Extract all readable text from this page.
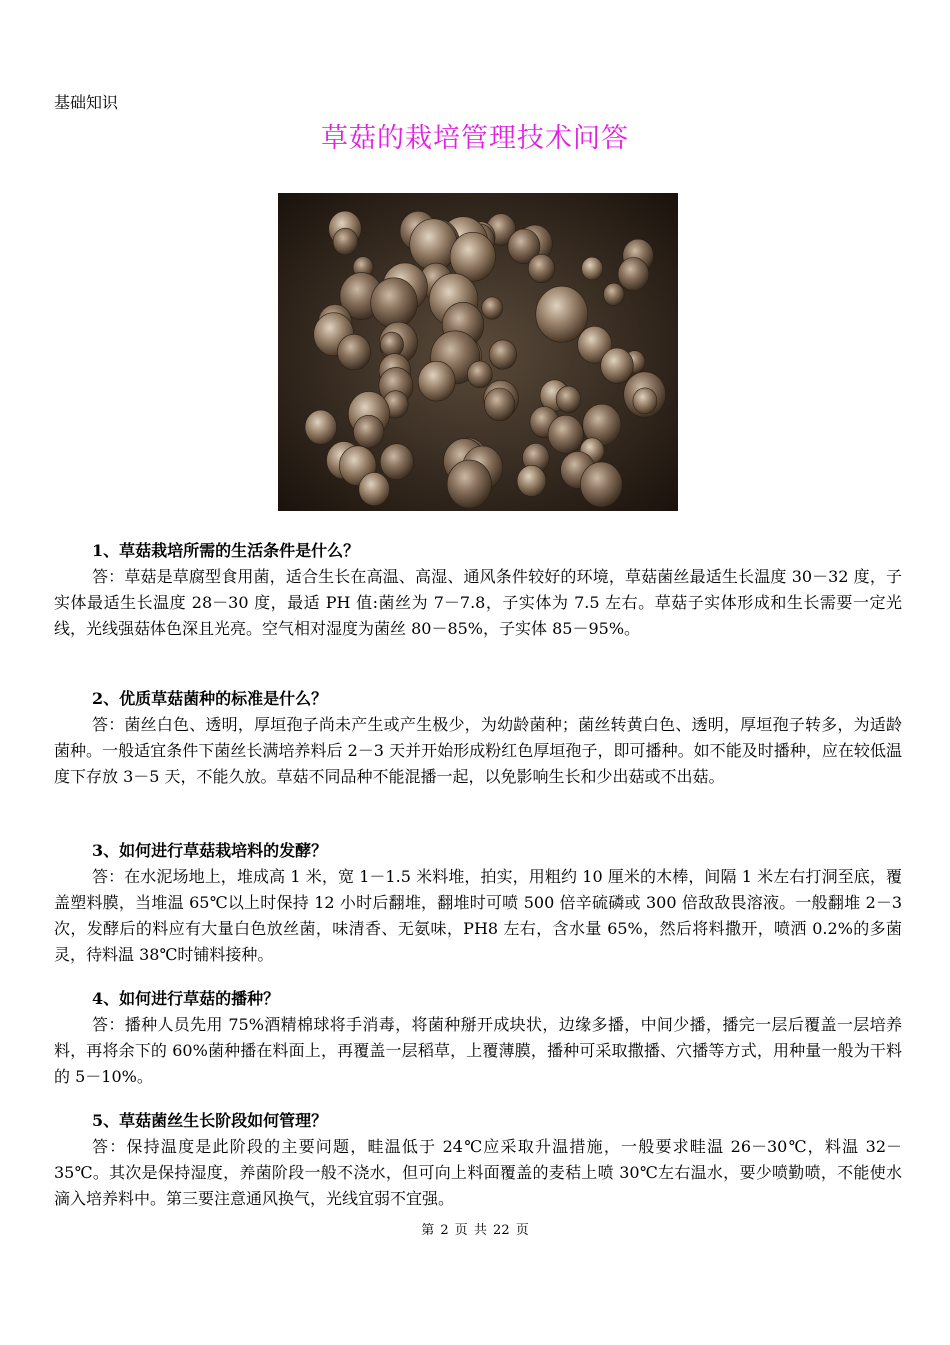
基础知识
草菇的栽培管理技术问答

1、草菇栽培所需的生活条件是什么？

答：草菇是草腐型食用菌，适合生长在高温、高湿、通风条件较好的环境，草菇菌丝最适生长温度 30－32 度，子实体最适生长温度 28－30 度，最适 PH 值:菌丝为 7－7.8，子实体为 7.5 左右。草菇子实体形成和生长需要一定光线，光线强菇体色深且光亮。空气相对湿度为菌丝 80－85%，子实体 85－95%。

2、优质草菇菌种的标准是什么？

答：菌丝白色、透明，厚垣孢子尚未产生或产生极少，为幼龄菌种；菌丝转黄白色、透明，厚垣孢子转多，为适龄菌种。一般适宜条件下菌丝长满培养料后 2－3 天并开始形成粉红色厚垣孢子，即可播种。如不能及时播种，应在较低温度下存放 3－5 天，不能久放。草菇不同品种不能混播一起，以免影响生长和少出菇或不出菇。

3、如何进行草菇栽培料的发酵？

答：在水泥场地上，堆成高 1 米，宽 1－1.5 米料堆，拍实，用粗约 10 厘米的木棒，间隔 1 米左右打洞至底，覆盖塑料膜，当堆温 65℃以上时保持 12 小时后翻堆，翻堆时可喷 500 倍辛硫磷或 300 倍敌敌畏溶液。一般翻堆 2－3 次，发酵后的料应有大量白色放丝菌，味清香、无氨味，PH8 左右，含水量 65%，然后将料撒开，喷洒 0.2%的多菌灵，待料温 38℃时铺料接种。

4、如何进行草菇的播种？

答：播种人员先用 75%酒精棉球将手消毒，将菌种掰开成块状，边缘多播，中间少播，播完一层后覆盖一层培养料，再将余下的 60%菌种播在料面上，再覆盖一层稻草，上覆薄膜，播种可采取撒播、穴播等方式，用种量一般为干料的 5－10%。

5、草菇菌丝生长阶段如何管理？

答：保持温度是此阶段的主要问题，畦温低于 24℃应采取升温措施，一般要求畦温 26－30℃，料温 32－35℃。其次是保持湿度，养菌阶段一般不浇水，但可向上料面覆盖的麦秸上喷 30℃左右温水，要少喷勤喷，不能使水滴入培养料中。第三要注意通风换气，光线宜弱不宜强。

第 2 页 共 22 页
